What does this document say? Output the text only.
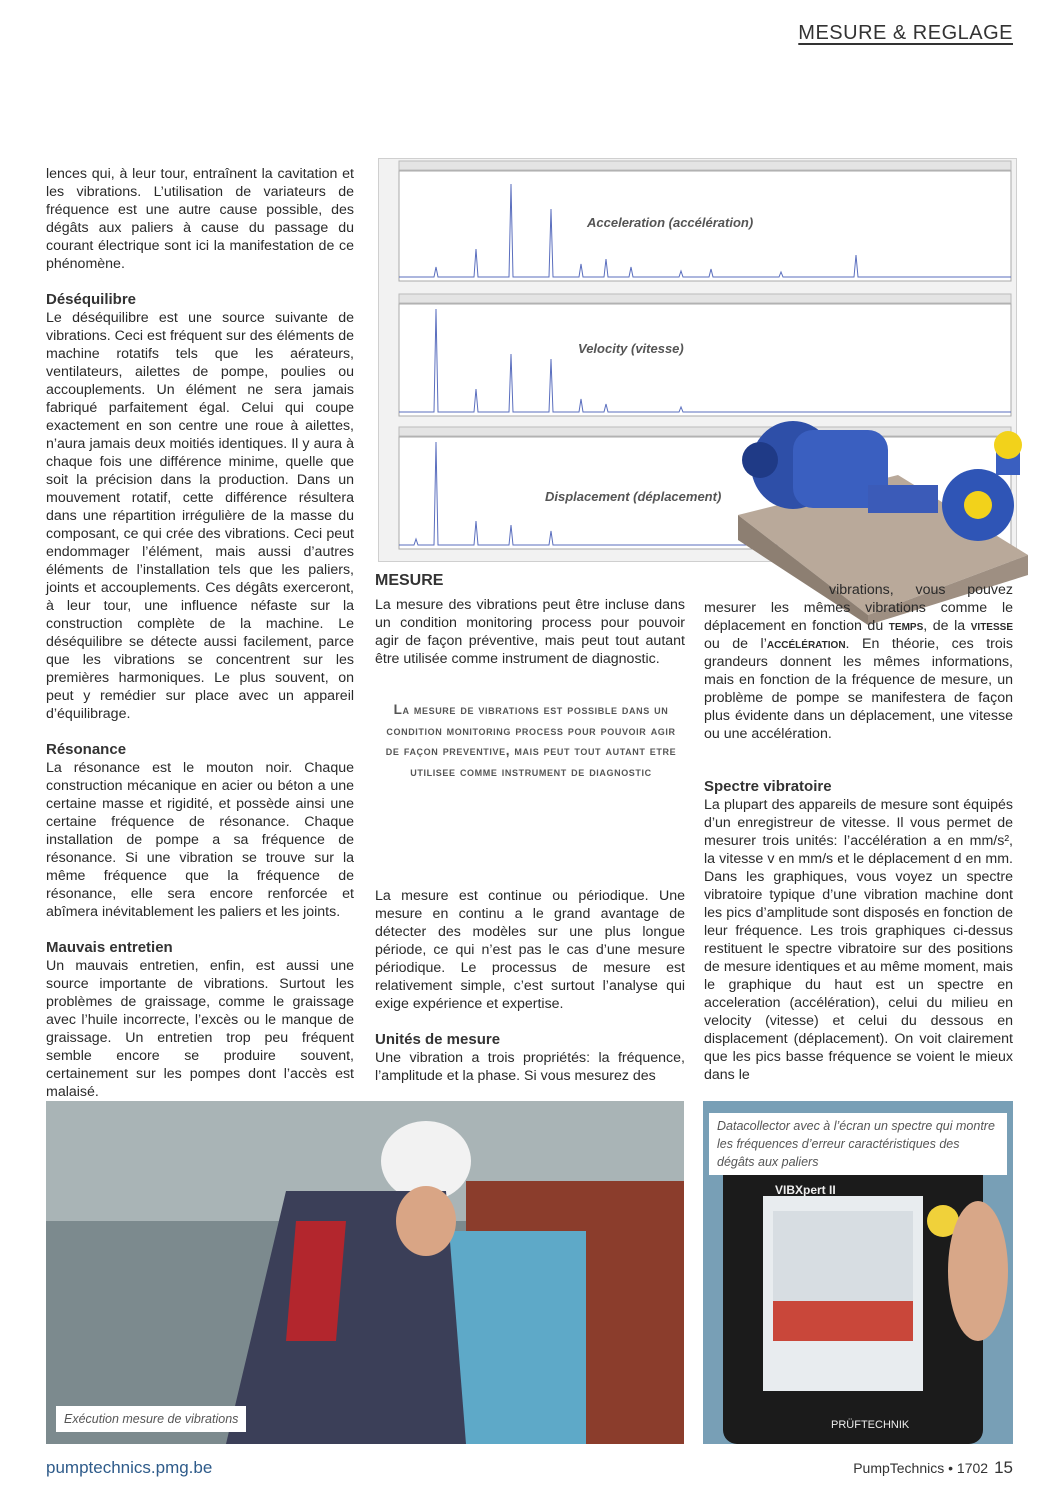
MESURE & REGLAGE

lences qui, à leur tour, entraînent la cavitation et les vibrations. L’utilisation de variateurs de fréquence est une autre cause possible, des dégâts aux paliers à cause du passage du courant électrique sont ici la manifestation de ce phénomène.

Déséquilibre

Le déséquilibre est une source suivante de vibrations. Ceci est fréquent sur des éléments de machine rotatifs tels que les aérateurs, ventilateurs, ailettes de pompe, poulies ou accouplements. Un élément ne sera jamais fabriqué parfaitement égal. Celui qui coupe exactement en son centre une roue à ailettes, n’aura jamais deux moitiés identiques. Il y aura à chaque fois une différence minime, quelle que soit la précision dans la production. Dans un mouvement rotatif, cette différence résultera dans une répartition irrégulière de la masse du composant, ce qui crée des vibrations. Ceci peut endommager l’élément, mais aussi d’autres éléments de l’installation tels que les paliers, joints et accouplements. Ces dégâts exerceront, à leur tour, une influence néfaste sur la construction complète de la machine. Le déséquilibre se détecte aussi facilement, parce que les vibrations se concentrent sur les premières harmoniques. Le plus souvent, on peut y remédier sur place avec un appareil d’équilibrage.

Résonance

La résonance est le mouton noir. Chaque construction mécanique en acier ou béton a une certaine masse et rigidité, et possède ainsi une certaine fréquence de résonance. Chaque installation de pompe a sa fréquence de résonance. Si une vibration se trouve sur la même fréquence que la fréquence de résonance, elle sera encore renforcée et abîmera inévitablement les paliers et les joints.

Mauvais entretien

Un mauvais entretien, enfin, est aussi une source importante de vibrations. Surtout les problèmes de graissage, comme le graissage avec l’huile incorrecte, l’excès ou le manque de graissage. Un entretien trop peu fréquent semble encore se produire souvent, certainement sur les pompes dont l’accès est malaisé.

Acceleration (accélération)
Velocity (vitesse)
Displacement (déplacement)
MESURE

La mesure des vibrations peut être incluse dans un condition monitoring process pour pouvoir agir de façon préventive, mais peut tout autant être utilisée comme instrument de diagnostic.

La mesure de vibrations est possible dans un condition monitoring process pour pouvoir agir de façon preventive, mais peut tout autant etre utilisee comme instrument de diagnostic

La mesure est continue ou périodique. Une mesure en continu a le grand avantage de détecter des modèles sur une plus longue période, ce qui n’est pas le cas d’une mesure périodique. Le processus de mesure est relativement simple, c’est surtout l’analyse qui exige expérience et expertise.

Unités de mesure

Une vibration a trois propriétés: la fréquence, l’amplitude et la phase. Si vous mesurez des

vibrations, vous pouvez mesurer les mêmes vibrations comme le déplacement en fonction du temps, de la vitesse ou de l’accélération. En théorie, ces trois grandeurs donnent les mêmes informations, mais en fonction de la fréquence de mesure, un problème de pompe se manifestera de façon plus évidente dans un déplacement, une vitesse ou une accélération.

Spectre vibratoire

La plupart des appareils de mesure sont équipés d’un enregistreur de vitesse. Il vous permet de mesurer trois unités: l’accélération a en mm/s², la vitesse v en mm/s et le déplacement d en mm. Dans les graphiques, vous voyez un spectre vibratoire typique d’une vibration machine dont les pics d’amplitude sont disposés en fonction de leur fréquence. Les trois graphiques ci-dessus restituent le spectre vibratoire sur des positions de mesure identiques et au même moment, mais le graphique du haut est un spectre en acceleration (accélération), celui du milieu en velocity (vitesse) et celui du dessous en displacement (déplacement). On voit clairement que les pics basse fréquence se voient le mieux dans le

Exécution mesure de vibrations
Datacollector avec à l’écran un spectre qui montre les fréquences d’erreur caractéristiques des dégâts aux paliers
VIBXpert II
PRÜFTECHNIK
pumptechnics.pmg.be	PumpTechnics • 1702 15
